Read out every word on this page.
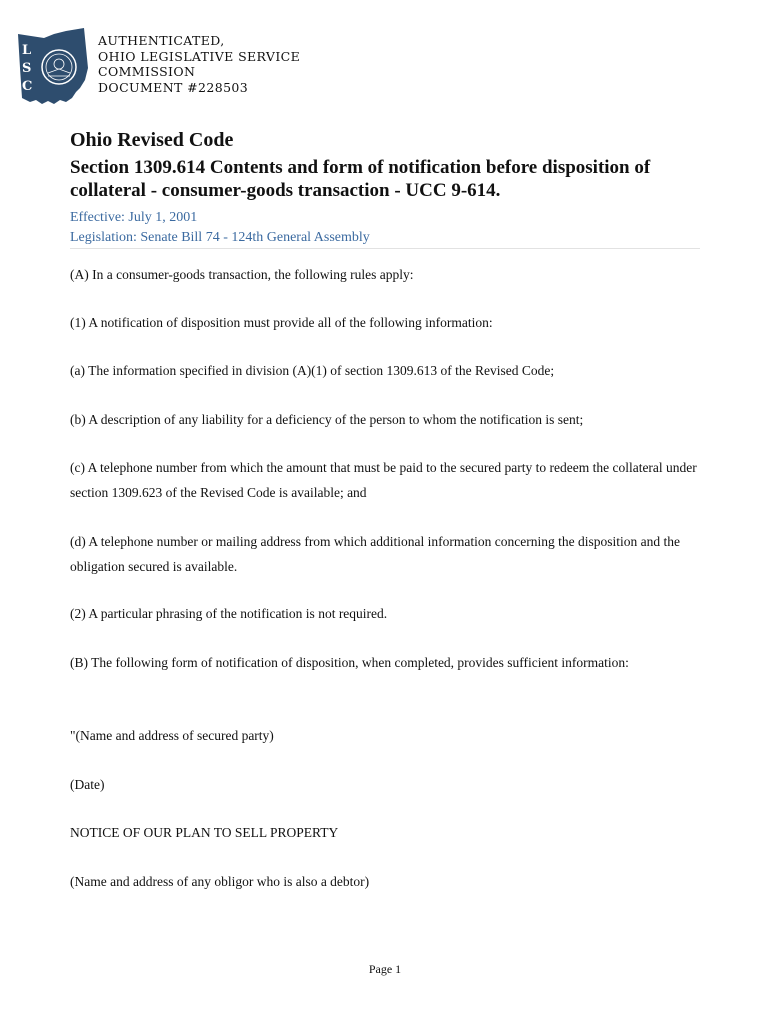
L
S
C
AUTHENTICATED,
OHIO LEGISLATIVE SERVICE
COMMISSION
DOCUMENT #228503
Ohio Revised Code
Section 1309.614 Contents and form of notification before disposition of collateral - consumer-goods transaction - UCC 9-614.
Effective: July 1, 2001
Legislation: Senate Bill 74 - 124th General Assembly
(A) In a consumer-goods transaction, the following rules apply:
(1) A notification of disposition must provide all of the following information:
(a) The information specified in division (A)(1) of section 1309.613 of the Revised Code;
(b) A description of any liability for a deficiency of the person to whom the notification is sent;
(c) A telephone number from which the amount that must be paid to the secured party to redeem the collateral under section 1309.623 of the Revised Code is available; and
(d) A telephone number or mailing address from which additional information concerning the disposition and the obligation secured is available.
(2) A particular phrasing of the notification is not required.
(B) The following form of notification of disposition, when completed, provides sufficient information:
"(Name and address of secured party)
(Date)
NOTICE OF OUR PLAN TO SELL PROPERTY
(Name and address of any obligor who is also a debtor)
Page 1
